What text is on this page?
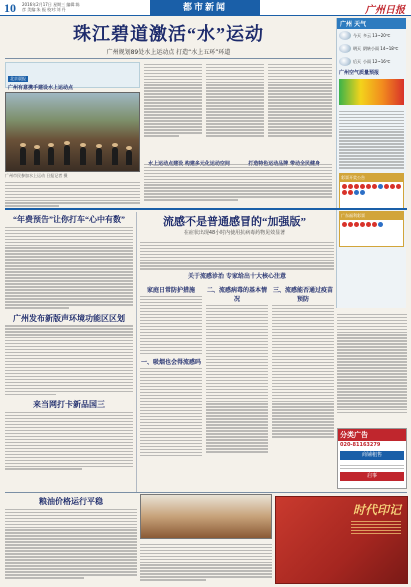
10 2016年2月17日 星期三 编辑:陈 彦 美编:朱 振 校对:刘 丹	都市新闻	广州日报
珠江碧道激活“水”运动
广州规划89处水上运动点 打造“水上五环”环道
北京晨报
广州有意携手建设水上运动点
广州市民参加水上运动 日报记者 摄

广州 天气
今天 多云 13~20℃
明天 阴转小雨 14~18℃
后天 小雨 12~16℃
广州空气质量预报
彩票开奖公告
广东福利彩票
“年费预告”让你打车“心中有数”
广州发布新版声环境功能区区划
来当网打卡新品国三
流感不是普通感冒的“加强版”
在症状出现48小时内使用抗病毒药物见效显著
关于流感诊治 专家给出十大核心注意
家庭日常防护措施
一、吸烟也会得流感吗
二、流感病毒的基本情况
三、流感能否通过疫苗预防
分类广告
020-81163279
商铺租售
启事
粮油价格运行平稳
时代印记
